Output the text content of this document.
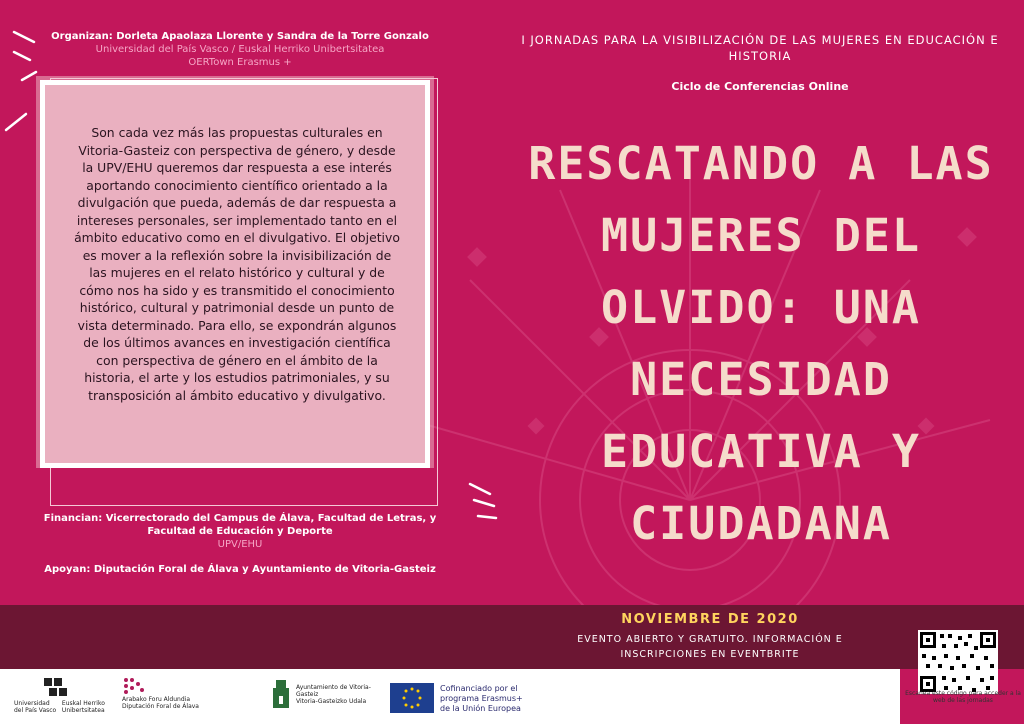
Organizan: Dorleta Apaolaza Llorente y Sandra de la Torre Gonzalo
Universidad del País Vasco / Euskal Herriko Unibertsitatea
OERTown Erasmus +
Son cada vez más las propuestas culturales en Vitoria-Gasteiz con perspectiva de género, y desde la UPV/EHU queremos dar respuesta a ese interés aportando conocimiento científico orientado a la divulgación que pueda, además de dar respuesta a intereses personales, ser implementado tanto en el ámbito educativo como en el divulgativo. El objetivo es mover a la reflexión sobre la invisibilización de las mujeres en el relato histórico y cultural y de cómo nos ha sido y es transmitido el conocimiento histórico, cultural y patrimonial desde un punto de vista determinado. Para ello, se expondrán algunos de los últimos avances en investigación científica con perspectiva de género en el ámbito de la historia, el arte y los estudios patrimoniales, y su transposición al ámbito educativo y divulgativo.
Financian: Vicerrectorado del Campus de Álava, Facultad de Letras, y Facultad de Educación y Deporte
UPV/EHU
Apoyan: Diputación Foral de Álava y Ayuntamiento de Vitoria-Gasteiz
I JORNADAS PARA LA VISIBILIZACIÓN DE LAS MUJERES EN EDUCACIÓN E HISTORIA
Ciclo de Conferencias Online
RESCATANDO A LAS MUJERES DEL OLVIDO: UNA NECESIDAD EDUCATIVA Y CIUDADANA
NOVIEMBRE DE 2020
EVENTO ABIERTO Y GRATUITO. INFORMACIÓN E INSCRIPCIONES EN EVENTBRITE
Universidad del País Vasco Euskal Herriko Unibertsitatea
Arabako Foru Aldundia
Diputación Foral de Álava
Ayuntamiento de Vitoria-Gasteiz
Vitoria-Gasteizko Udala
Cofinanciado por el
programa Erasmus+
de la Unión Europea
Escanea este código para acceder a la web de las jornadas
